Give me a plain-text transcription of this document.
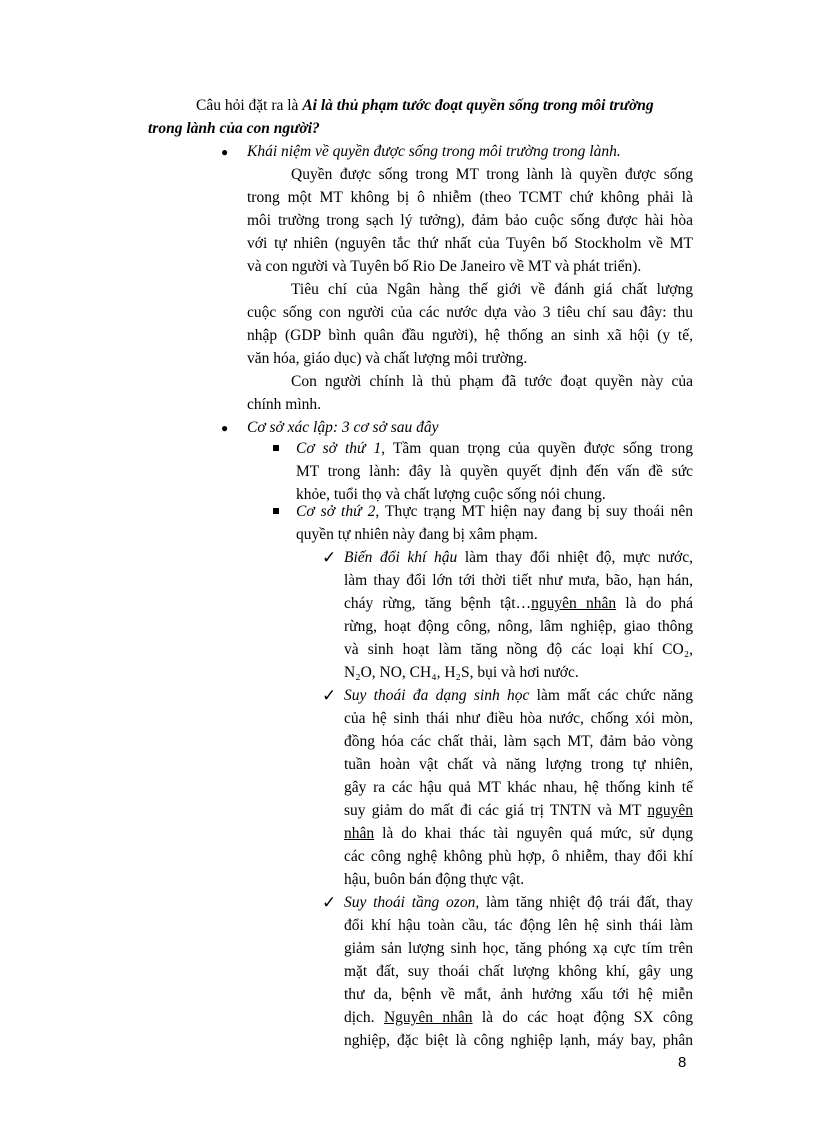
Câu hỏi đặt ra là Ai là thủ phạm tước đoạt quyền sống trong môi trường
trong lành của con người?
● Khái niệm về quyền được sống trong môi trường trong lành.
Quyền được sống trong MT trong lành là quyền được sống
trong một MT không bị ô nhiễm (theo TCMT chứ không phải là
môi trường trong sạch lý tưởng), đảm bảo cuộc sống được hài hòa
với tự nhiên (nguyên tắc thứ nhất của Tuyên bố Stockholm về MT
và con người và Tuyên bố Rio De Janeiro về MT và phát triển).
Tiêu chí của Ngân hàng thế giới về đánh giá chất lượng
cuộc sống con người của các nước dựa vào 3 tiêu chí sau đây: thu
nhập (GDP bình quân đầu người), hệ thống an sinh xã hội (y tế,
văn hóa, giáo dục) và chất lượng môi trường.
Con người chính là thủ phạm đã tước đoạt quyền này của
chính mình.
● Cơ sở xác lập: 3 cơ sở sau đây
Cơ sở thứ 1, Tầm quan trọng của quyền được sống trong
MT trong lành: đây là quyền quyết định đến vấn đề sức
khỏe, tuổi thọ và chất lượng cuộc sống nói chung.
Cơ sở thứ 2, Thực trạng MT hiện nay đang bị suy thoái nên
quyền tự nhiên này đang bị xâm phạm.
✓ Biến đổi khí hậu làm thay đổi nhiệt độ, mực nước,
làm thay đổi lớn tới thời tiết như mưa, bão, hạn hán,
cháy rừng, tăng bệnh tật…nguyên nhân là do phá
rừng, hoạt động công, nông, lâm nghiệp, giao thông
và sinh hoạt làm tăng nồng độ các loại khí CO₂,
N₂O, NO, CH₄, H₂S, bụi và hơi nước.
✓ Suy thoái đa dạng sinh học làm mất các chức năng
của hệ sinh thái như điều hòa nước, chống xói mòn,
đồng hóa các chất thải, làm sạch MT, đảm bảo vòng
tuần hoàn vật chất và năng lượng trong tự nhiên,
gây ra các hậu quả MT khác nhau, hệ thống kinh tế
suy giảm do mất đi các giá trị TNTN và MT nguyên
nhân là do khai thác tài nguyên quá mức, sử dụng
các công nghệ không phù hợp, ô nhiễm, thay đổi khí
hậu, buôn bán động thực vật.
✓ Suy thoái tầng ozon, làm tăng nhiệt độ trái đất, thay
đổi khí hậu toàn cầu, tác động lên hệ sinh thái làm
giảm sản lượng sinh học, tăng phóng xạ cực tím trên
mặt đất, suy thoái chất lượng không khí, gây ung
thư da, bệnh về mắt, ảnh hưởng xấu tới hệ miễn
dịch. Nguyên nhân là do các hoạt động SX công
nghiệp, đặc biệt là công nghiệp lạnh, máy bay, phân
8
